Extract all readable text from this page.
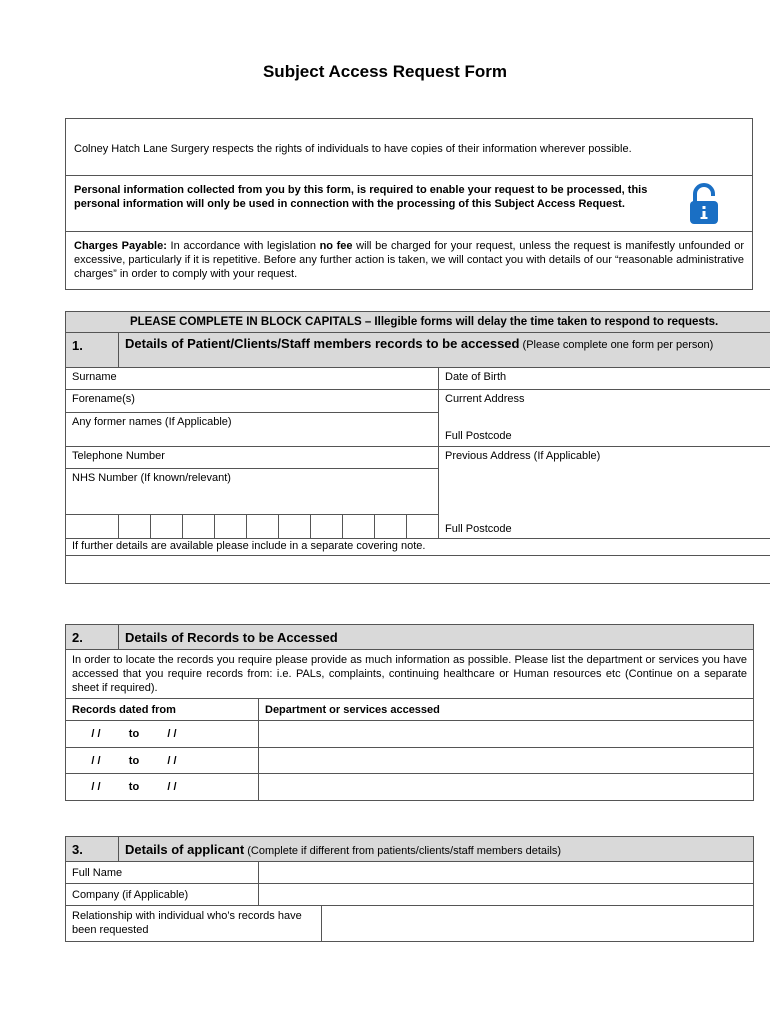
Subject Access Request Form
Colney Hatch Lane Surgery respects the rights of individuals to have copies of their information wherever possible.
Personal information collected from you by this form, is required to enable your request to be processed, this personal information will only be used in connection with the processing of this Subject Access Request.
Charges Payable: In accordance with legislation no fee will be charged for your request, unless the request is manifestly unfounded or excessive, particularly if it is repetitive. Before any further action is taken, we will contact you with details of our “reasonable administrative charges” in order to comply with your request.
PLEASE COMPLETE IN BLOCK CAPITALS – Illegible forms will delay the time taken to respond to requests.											
1.	Details of Patient/Clients/Staff members records to be accessed (Please complete one form per person)										
Surname											Date of Birth
Forename(s)											Current Address
Full Postcode

Any former names (If Applicable)											
Telephone Number											Previous Address (If Applicable)
Full Postcode

NHS Number (If known/relevant)											

If further details are available please include in a separate covering note.											

2.	Details of Records to be Accessed	

In order to locate the records you require please provide as much information as possible. Please list the department or services you have accessed that you require records from: i.e. PALs, complaints, continuing healthcare or Human resources etc (Continue on a separate sheet if required).		

Records dated from		Department or services accessed
/ / to / /		
/ / to / /		
/ / to / /		
3.	Details of applicant (Complete if different from patients/clients/staff members details)		
Full Name			
Company (if Applicable)			
Relationship with individual who’s records have been requested			
